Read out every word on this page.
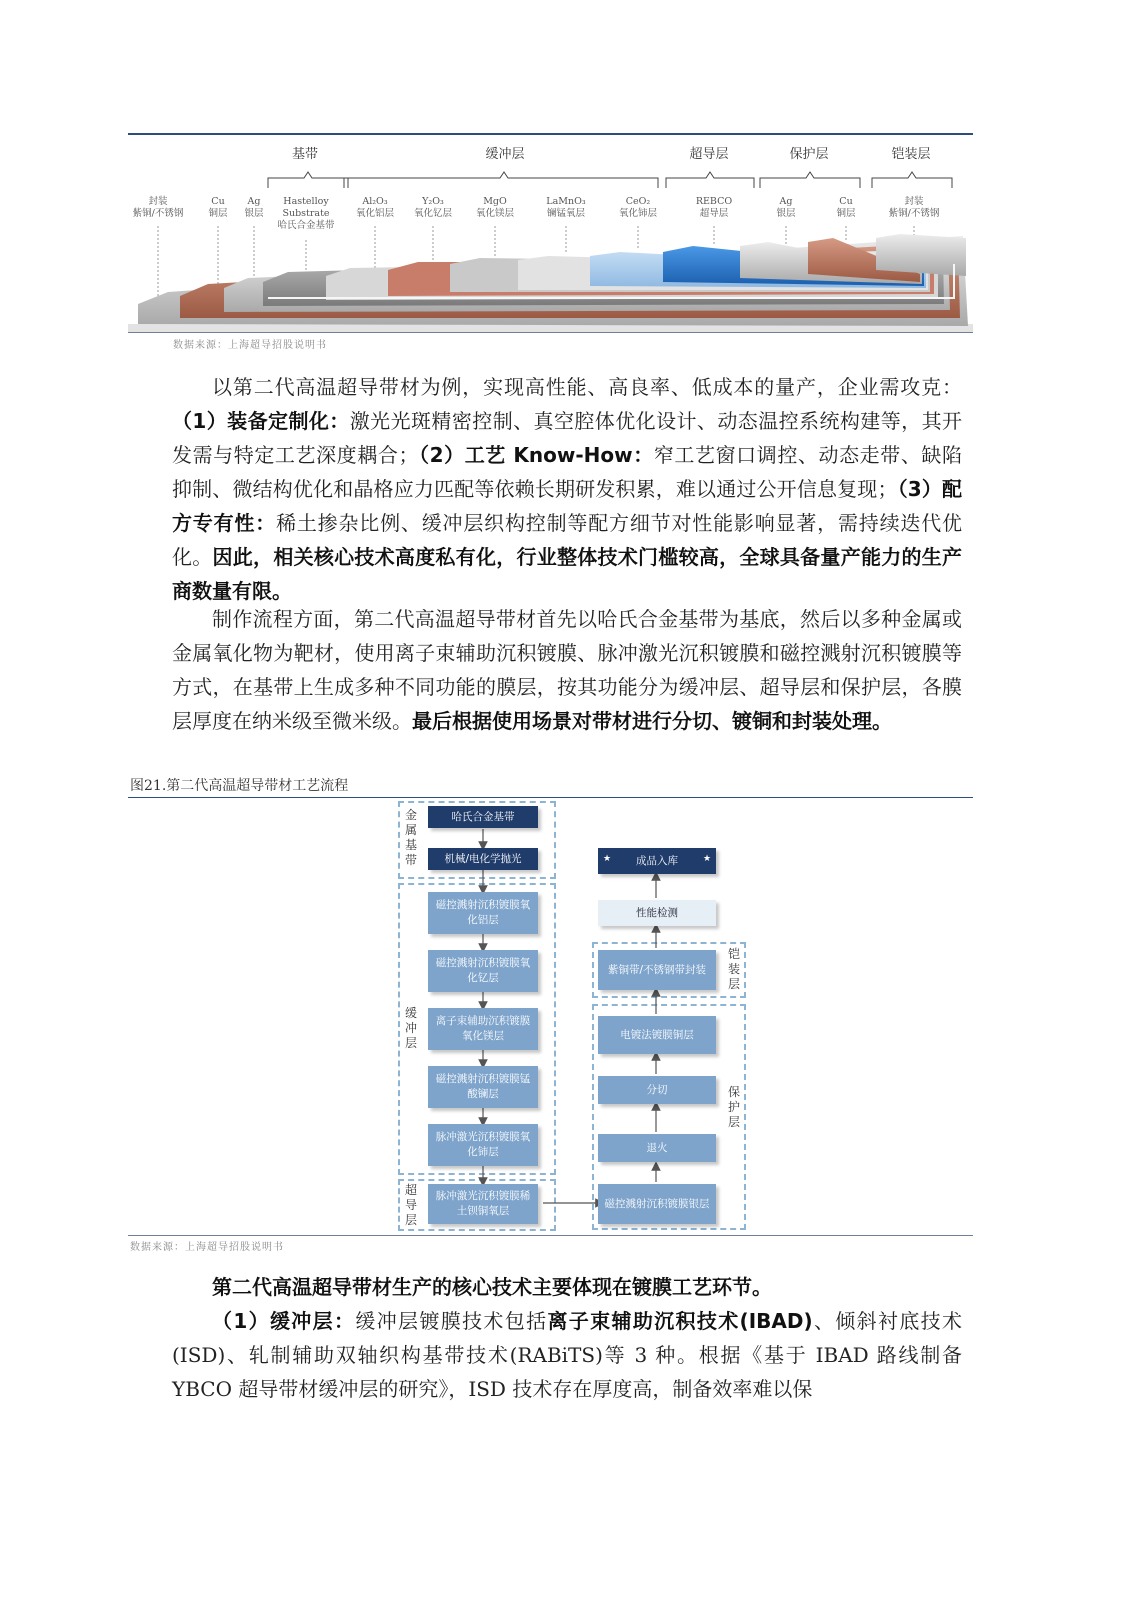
基带	缓冲层	超导层	保护层	铠装层
封装
紫铜/不锈钢
Cu
铜层
Ag
银层
Hastelloy
Substrate
哈氏合金基带
Al₂O₃
氧化铝层
Y₂O₃
氧化钇层
MgO
氧化镁层
LaMnO₃
镧锰氧层
CeO₂
氧化铈层
REBCO
超导层
Ag
银层
Cu
铜层
封装
紫铜/不锈钢
数据来源：上海超导招股说明书
以第二代高温超导带材为例，实现高性能、高良率、低成本的量产，企业需攻克：（1）装备定制化：激光光斑精密控制、真空腔体优化设计、动态温控系统构建等，其开发需与特定工艺深度耦合；（2）工艺 Know-How：窄工艺窗口调控、动态走带、缺陷抑制、微结构优化和晶格应力匹配等依赖长期研发积累，难以通过公开信息复现；（3）配方专有性：稀土掺杂比例、缓冲层织构控制等配方细节对性能影响显著，需持续迭代优化。因此，相关核心技术高度私有化，行业整体技术门槛较高，全球具备量产能力的生产商数量有限。
制作流程方面，第二代高温超导带材首先以哈氏合金基带为基底，然后以多种金属或金属氧化物为靶材，使用离子束辅助沉积镀膜、脉冲激光沉积镀膜和磁控溅射沉积镀膜等方式，在基带上生成多种不同功能的膜层，按其功能分为缓冲层、超导层和保护层，各膜层厚度在纳米级至微米级。最后根据使用场景对带材进行分切、镀铜和封装处理。
图21.第二代高温超导带材工艺流程
金属基带
缓冲层
超导层
铠装层
保护层
哈氏合金基带
机械/电化学抛光
磁控溅射沉积镀膜氧化铝层
磁控溅射沉积镀膜氧化钇层
离子束辅助沉积镀膜氧化镁层
磁控溅射沉积镀膜锰酸镧层
脉冲激光沉积镀膜氧化铈层
脉冲激光沉积镀膜稀土钡铜氧层
成品入库
★	★
性能检测
紫铜带/不锈钢带封装
电镀法镀膜铜层
分切
退火
磁控溅射沉积镀膜银层
数据来源：上海超导招股说明书
第二代高温超导带材生产的核心技术主要体现在镀膜工艺环节。
（1）缓冲层：缓冲层镀膜技术包括离子束辅助沉积技术(IBAD)、倾斜衬底技术(ISD)、轧制辅助双轴织构基带技术(RABiTS)等 3 种。根据《基于 IBAD 路线制备 YBCO 超导带材缓冲层的研究》，ISD 技术存在厚度高，制备效率难以保
